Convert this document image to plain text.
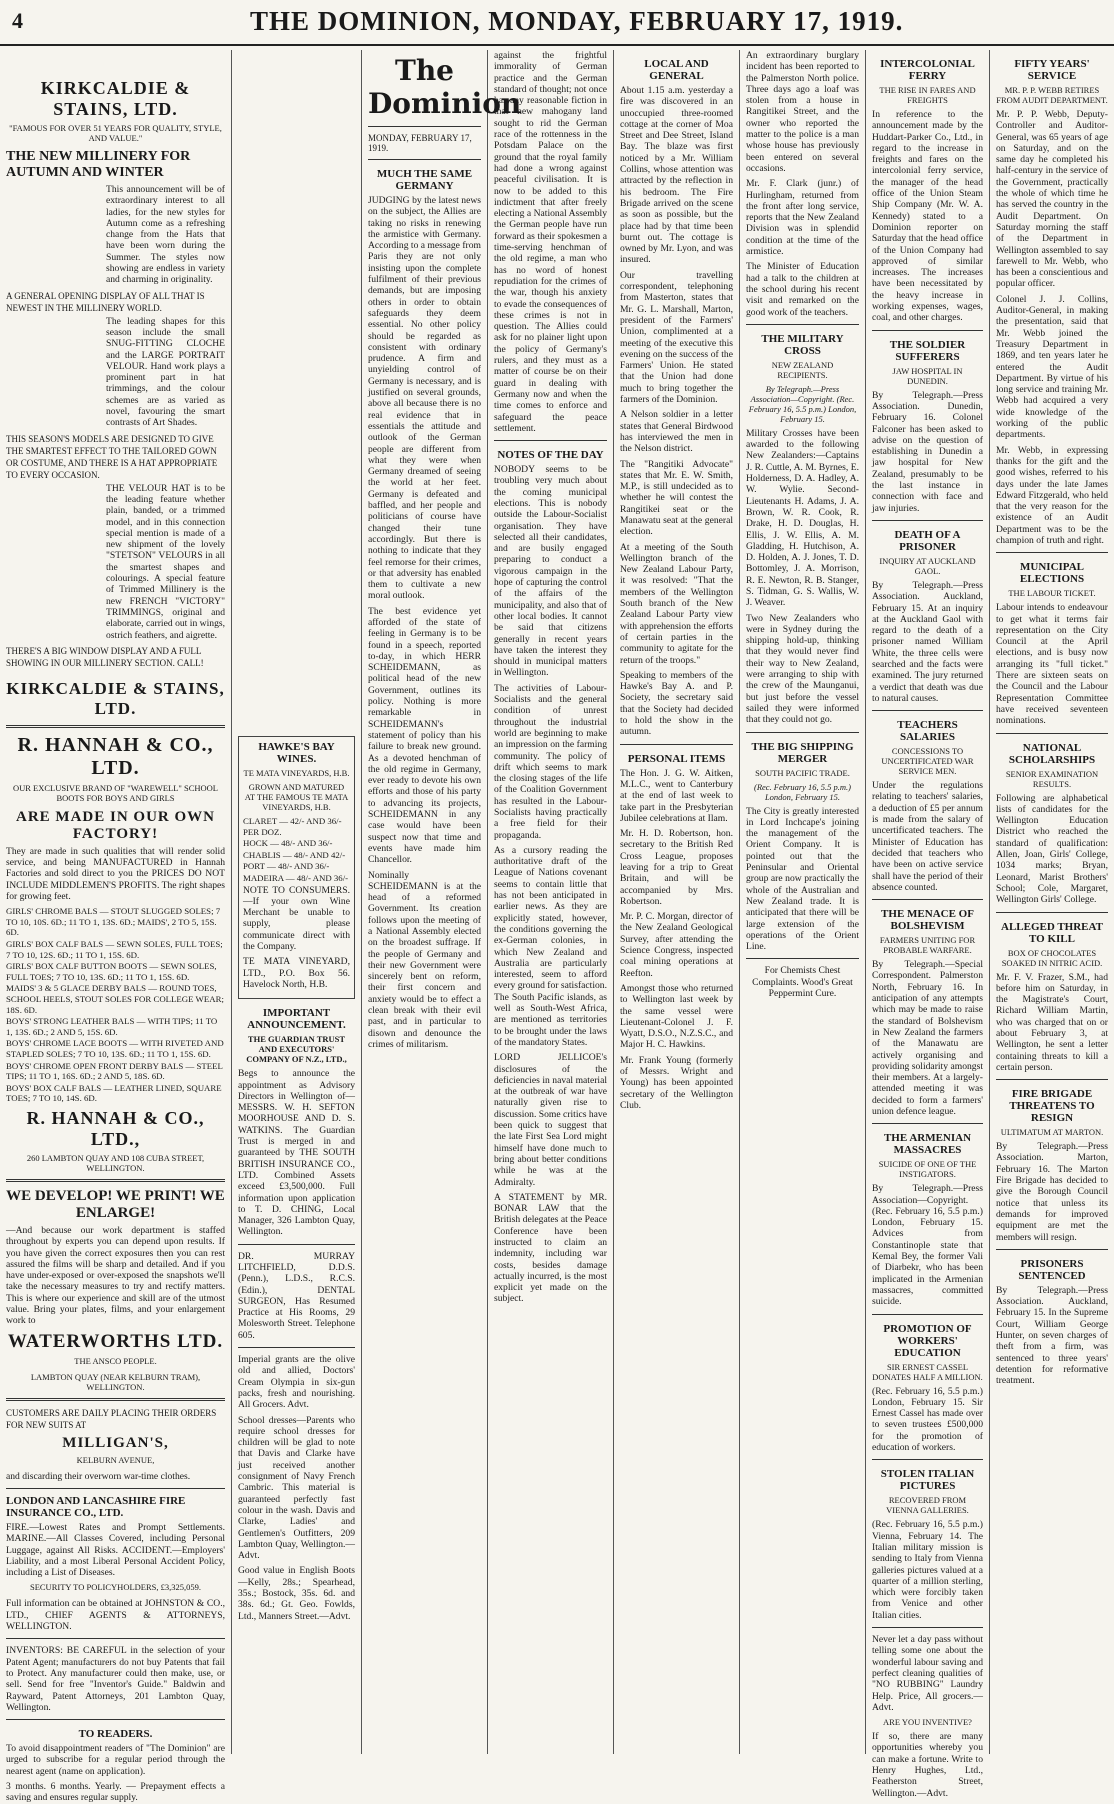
4	THE DOMINION, MONDAY, FEBRUARY 17, 1919.
KIRKCALDIE & STAINS, LTD.
"FAMOUS FOR OVER 51 YEARS FOR QUALITY, STYLE, AND VALUE."
THE NEW MILLINERY FOR AUTUMN AND WINTER

This announcement will be of extraordinary interest to all ladies, for the new styles for Autumn come as a refreshing change from the Hats that have been worn during the Summer. The styles now showing are endless in variety and charming in originality.

A GENERAL OPENING DISPLAY OF ALL THAT IS NEWEST IN THE MILLINERY WORLD.

The leading shapes for this season include the small SNUG-FITTING CLOCHE and the LARGE PORTRAIT VELOUR. Hand work plays a prominent part in hat trimmings, and the colour schemes are as varied as novel, favouring the smart contrasts of Art Shades.

THIS SEASON'S MODELS ARE DESIGNED TO GIVE THE SMARTEST EFFECT TO THE TAILORED GOWN OR COSTUME, AND THERE IS A HAT APPROPRIATE TO EVERY OCCASION.

THE VELOUR HAT is to be the leading feature whether plain, banded, or a trimmed model, and in this connection special mention is made of a new shipment of the lovely "STETSON" VELOURS in all the smartest shapes and colourings. A special feature of Trimmed Millinery is the new FRENCH "VICTORY" TRIMMINGS, original and elaborate, carried out in wings, ostrich feathers, and aigrette.

THERE'S A BIG WINDOW DISPLAY AND A FULL SHOWING IN OUR MILLINERY SECTION. CALL!
KIRKCALDIE & STAINS, LTD.
R. HANNAH & CO., LTD.
OUR EXCLUSIVE BRAND OF "WAREWELL" SCHOOL BOOTS FOR BOYS AND GIRLS
ARE MADE IN OUR OWN FACTORY!

They are made in such qualities that will render solid service, and being MANUFACTURED in Hannah Factories and sold direct to you the PRICES DO NOT INCLUDE MIDDLEMEN'S PROFITS. The right shapes for growing feet.

GIRLS' CHROME BALS — STOUT SLUGGED SOLES; 7 TO 10, 10S. 6D.; 11 TO 1, 13S. 6D.; MAIDS', 2 TO 5, 15S. 6D.
GIRLS' BOX CALF BALS — SEWN SOLES, FULL TOES; 7 TO 10, 12S. 6D.; 11 TO 1, 15S. 6D.
GIRLS' BOX CALF BUTTON BOOTS — SEWN SOLES, FULL TOES; 7 TO 10, 13S. 6D.; 11 TO 1, 15S. 6D.
MAIDS' 3 & 5 GLACE DERBY BALS — ROUND TOES, SCHOOL HEELS, STOUT SOLES FOR COLLEGE WEAR; 18S. 6D.
BOYS' STRONG LEATHER BALS — WITH TIPS; 11 TO 1, 13S. 6D.; 2 AND 5, 15S. 6D.
BOYS' CHROME LACE BOOTS — WITH RIVETED AND STAPLED SOLES; 7 TO 10, 13S. 6D.; 11 TO 1, 15S. 6D.
BOYS' CHROME OPEN FRONT DERBY BALS — STEEL TIPS; 11 TO 1, 16S. 6D.; 2 AND 5, 18S. 6D.
BOYS' BOX CALF BALS — LEATHER LINED, SQUARE TOES; 7 TO 10, 14S. 6D.
R. HANNAH & CO., LTD.,
260 LAMBTON QUAY AND 108 CUBA STREET, WELLINGTON.
WE DEVELOP! WE PRINT! WE ENLARGE!

—And because our work department is staffed throughout by experts you can depend upon results. If you have given the correct exposures then you can rest assured the films will be sharp and detailed. And if you have under-exposed or over-exposed the snapshots we'll take the necessary measures to try and rectify matters. This is where our experience and skill are of the utmost value. Bring your plates, films, and your enlargement work to

WATERWORTHS LTD.
THE ANSCO PEOPLE.
LAMBTON QUAY (NEAR KELBURN TRAM), WELLINGTON.
CUSTOMERS ARE DAILY PLACING THEIR ORDERS FOR NEW SUITS AT
MILLIGAN'S,
KELBURN AVENUE,

and discarding their overworn war-time clothes.

LONDON AND LANCASHIRE FIRE INSURANCE CO., LTD.

FIRE.—Lowest Rates and Prompt Settlements. MARINE.—All Classes Covered, including Personal Luggage, against All Risks. ACCIDENT.—Employers' Liability, and a most Liberal Personal Accident Policy, including a List of Diseases.

SECURITY TO POLICYHOLDERS, £3,325,059.

Full information can be obtained at JOHNSTON & CO., LTD., CHIEF AGENTS & ATTORNEYS, WELLINGTON.

INVENTORS: BE CAREFUL in the selection of your Patent Agent; manufacturers do not buy Patents that fail to Protect. Any manufacturer could then make, use, or sell. Send for free "Inventor's Guide." Baldwin and Rayward, Patent Attorneys, 201 Lambton Quay, Wellington.

TO READERS.

To avoid disappointment readers of "The Dominion" are urged to subscribe for a regular period through the nearest agent (name on application).

3 months. 6 months. Yearly. — Prepayment effects a saving and ensures regular supply.

HAWKE'S BAY WINES.
TE MATA VINEYARDS, H.B.
GROWN AND MATURED AT THE FAMOUS TE MATA VINEYARDS, H.B.
CLARET — 42/- AND 36/- PER DOZ.
HOCK — 48/- AND 36/-
CHABLIS — 48/- AND 42/-
PORT — 48/- AND 36/-
MADEIRA — 48/- AND 36/-

NOTE TO CONSUMERS.—If your own Wine Merchant be unable to supply, please communicate direct with the Company.

TE MATA VINEYARD, LTD., P.O. Box 56. Havelock North, H.B.

IMPORTANT ANNOUNCEMENT.
THE GUARDIAN TRUST AND EXECUTORS' COMPANY OF N.Z., LTD.,

Begs to announce the appointment as Advisory Directors in Wellington of— MESSRS. W. H. SEFTON MOORHOUSE AND D. S. WATKINS. The Guardian Trust is merged in and guaranteed by THE SOUTH BRITISH INSURANCE CO., LTD. Combined Assets exceed £3,500,000. Full information upon application to T. D. CHING, Local Manager, 326 Lambton Quay, Wellington.

DR. MURRAY LITCHFIELD, D.D.S. (Penn.), L.D.S., R.C.S. (Edin.), DENTAL SURGEON, Has Resumed Practice at His Rooms, 29 Molesworth Street. Telephone 605.

Imperial grants are the olive old and allied, Doctors' Cream Olympia in six-gun packs, fresh and nourishing. All Grocers. Advt.

School dresses—Parents who require school dresses for children will be glad to note that Davis and Clarke have just received another consignment of Navy French Cambric. This material is guaranteed perfectly fast colour in the wash. Davis and Clarke, Ladies' and Gentlemen's Outfitters, 209 Lambton Quay, Wellington.—Advt.

Good value in English Boots—Kelly, 28s.; Spearhead, 35s.; Bostock, 35s. 6d. and 38s. 6d.; Gt. Geo. Fowlds, Ltd., Manners Street.—Advt.

The Dominion
MONDAY, FEBRUARY 17, 1919.
MUCH THE SAME GERMANY

JUDGING by the latest news on the subject, the Allies are taking no risks in renewing the armistice with Germany. According to a message from Paris they are not only insisting upon the complete fulfilment of their previous demands, but are imposing others in order to obtain safeguards they deem essential. No other policy should be regarded as consistent with ordinary prudence. A firm and unyielding control of Germany is necessary, and is justified on several grounds, above all because there is no real evidence that in essentials the attitude and outlook of the German people are different from what they were when Germany dreamed of seeing the world at her feet. Germany is defeated and baffled, and her people and politicians of course have changed their tune accordingly. But there is nothing to indicate that they feel remorse for their crimes, or that adversity has enabled them to cultivate a new moral outlook.

The best evidence yet afforded of the state of feeling in Germany is to be found in a speech, reported to-day, in which HERR SCHEIDEMANN, as political head of the new Government, outlines its policy. Nothing is more remarkable in SCHEIDEMANN's statement of policy than his failure to break new ground. As a devoted henchman of the old regime in Germany, ever ready to devote his own efforts and those of his party to advancing its projects, SCHEIDEMANN in any case would have been suspect now that time and events have made him Chancellor.

Nominally SCHEIDEMANN is at the head of a reformed Government. Its creation follows upon the meeting of a National Assembly elected on the broadest suffrage. If the people of Germany and their new Government were sincerely bent on reform, their first concern and anxiety would be to effect a clean break with their evil past, and in particular to disown and denounce the crimes of militarism.

against the frightful immorality of German practice and the German standard of thought; not once has any reasonable fiction in that new mahogany land sought to rid the German race of the rottenness in the Potsdam Palace on the ground that the royal family had done a wrong against peaceful civilisation. It is now to be added to this indictment that after freely electing a National Assembly the German people have run forward as their spokesmen a time-serving henchman of the old regime, a man who has no word of honest repudiation for the crimes of the war, though his anxiety to evade the consequences of these crimes is not in question. The Allies could ask for no plainer light upon the policy of Germany's rulers, and they must as a matter of course be on their guard in dealing with Germany now and when the time comes to enforce and safeguard the peace settlement.

NOTES OF THE DAY

NOBODY seems to be troubling very much about the coming municipal elections. This is nobody outside the Labour-Socialist organisation. They have selected all their candidates, and are busily engaged preparing to conduct a vigorous campaign in the hope of capturing the control of the affairs of the municipality, and also that of other local bodies. It cannot be said that citizens generally in recent years have taken the interest they should in municipal matters in Wellington.

The activities of Labour-Socialists and the general condition of unrest throughout the industrial world are beginning to make an impression on the farming community. The policy of drift which seems to mark the closing stages of the life of the Coalition Government has resulted in the Labour-Socialists having practically a free field for their propaganda.

As a cursory reading the authoritative draft of the League of Nations covenant seems to contain little that has not been anticipated in earlier news. As they are explicitly stated, however, the conditions governing the ex-German colonies, in which New Zealand and Australia are particularly interested, seem to afford every ground for satisfaction. The South Pacific islands, as well as South-West Africa, are mentioned as territories to be brought under the laws of the mandatory States.

LORD JELLICOE's disclosures of the deficiencies in naval material at the outbreak of war have naturally given rise to discussion. Some critics have been quick to suggest that the late First Sea Lord might himself have done much to bring about better conditions while he was at the Admiralty.

A STATEMENT by MR. BONAR LAW that the British delegates at the Peace Conference have been instructed to claim an indemnity, including war costs, besides damage actually incurred, is the most explicit yet made on the subject.

LOCAL AND GENERAL

About 1.15 a.m. yesterday a fire was discovered in an unoccupied three-roomed cottage at the corner of Moa Street and Dee Street, Island Bay. The blaze was first noticed by a Mr. William Collins, whose attention was attracted by the reflection in his bedroom. The Fire Brigade arrived on the scene as soon as possible, but the place had by that time been burnt out. The cottage is owned by Mr. Lyon, and was insured.

Our travelling correspondent, telephoning from Masterton, states that Mr. G. L. Marshall, Marton, president of the Farmers' Union, complimented at a meeting of the executive this evening on the success of the Farmers' Union. He stated that the Union had done much to bring together the farmers of the Dominion.

A Nelson soldier in a letter states that General Birdwood has interviewed the men in the Nelson district.

The "Rangitiki Advocate" states that Mr. E. W. Smith, M.P., is still undecided as to whether he will contest the Rangitikei seat or the Manawatu seat at the general election.

At a meeting of the South Wellington branch of the New Zealand Labour Party, it was resolved: "That the members of the Wellington South branch of the New Zealand Labour Party view with apprehension the efforts of certain parties in the community to agitate for the return of the troops."

Speaking to members of the Hawke's Bay A. and P. Society, the secretary said that the Society had decided to hold the show in the autumn.

PERSONAL ITEMS

The Hon. J. G. W. Aitken, M.L.C., went to Canterbury at the end of last week to take part in the Presbyterian Jubilee celebrations at Ilam.

Mr. H. D. Robertson, hon. secretary to the British Red Cross League, proposes leaving for a trip to Great Britain, and will be accompanied by Mrs. Robertson.

Mr. P. C. Morgan, director of the New Zealand Geological Survey, after attending the Science Congress, inspected coal mining operations at Reefton.

Amongst those who returned to Wellington last week by the same vessel were Lieutenant-Colonel J. F. Wyatt, D.S.O., N.Z.S.C., and Major H. C. Hawkins.

Mr. Frank Young (formerly of Messrs. Wright and Young) has been appointed secretary of the Wellington Club.

An extraordinary burglary incident has been reported to the Palmerston North police. Three days ago a loaf was stolen from a house in Rangitikei Street, and the owner who reported the matter to the police is a man whose house has previously been entered on several occasions.

Mr. F. Clark (junr.) of Hurlingham, returned from the front after long service, reports that the New Zealand Division was in splendid condition at the time of the armistice.

The Minister of Education had a talk to the children at the school during his recent visit and remarked on the good work of the teachers.

THE MILITARY CROSS
NEW ZEALAND RECIPIENTS.
By Telegraph.—Press Association—Copyright. (Rec. February 16, 5.5 p.m.) London, February 15.

Military Crosses have been awarded to the following New Zealanders:—Captains J. R. Cuttle, A. M. Byrnes, E. Holderness, D. A. Hadley, A. W. Wylie. Second-Lieutenants H. Adams, J. A. Brown, W. R. Cook, R. Drake, H. D. Douglas, H. Ellis, J. W. Ellis, A. M. Gladding, H. Hutchison, A. D. Holden, A. J. Jones, T. D. Bottomley, J. A. Morrison, R. E. Newton, R. B. Stanger, S. Tidman, G. S. Wallis, W. J. Weaver.

Two New Zealanders who were in Sydney during the shipping hold-up, thinking that they would never find their way to New Zealand, were arranging to ship with the crew of the Maunganui, but just before the vessel sailed they were informed that they could not go.

THE BIG SHIPPING MERGER
SOUTH PACIFIC TRADE.
(Rec. February 16, 5.5 p.m.) London, February 15.

The City is greatly interested in Lord Inchcape's joining the management of the Orient Company. It is pointed out that the Peninsular and Oriental group are now practically the whole of the Australian and New Zealand trade. It is anticipated that there will be large extension of the operations of the Orient Line.

For Chemists Chest Complaints. Wood's Great Peppermint Cure.

INTERCOLONIAL FERRY
THE RISE IN FARES AND FREIGHTS

In reference to the announcement made by the Huddart-Parker Co., Ltd., in regard to the increase in freights and fares on the intercolonial ferry service, the manager of the head office of the Union Steam Ship Company (Mr. W. A. Kennedy) stated to a Dominion reporter on Saturday that the head office of the Union Company had approved of similar increases. The increases have been necessitated by the heavy increase in working expenses, wages, coal, and other charges.

THE SOLDIER SUFFERERS
JAW HOSPITAL IN DUNEDIN.

By Telegraph.—Press Association. Dunedin, February 16. Colonel Falconer has been asked to advise on the question of establishing in Dunedin a jaw hospital for New Zealand, presumably to be the last instance in connection with face and jaw injuries.

DEATH OF A PRISONER
INQUIRY AT AUCKLAND GAOL.

By Telegraph.—Press Association. Auckland, February 15. At an inquiry at the Auckland Gaol with regard to the death of a prisoner named William White, the three cells were searched and the facts were examined. The jury returned a verdict that death was due to natural causes.

TEACHERS SALARIES
CONCESSIONS TO UNCERTIFICATED WAR SERVICE MEN.

Under the regulations relating to teachers' salaries, a deduction of £5 per annum is made from the salary of uncertificated teachers. The Minister of Education has decided that teachers who have been on active service shall have the period of their absence counted.

THE MENACE OF BOLSHEVISM
FARMERS UNITING FOR PROBABLE WARFARE.

By Telegraph.—Special Correspondent. Palmerston North, February 16. In anticipation of any attempts which may be made to raise the standard of Bolshevism in New Zealand the farmers of the Manawatu are actively organising and providing solidarity amongst their members. At a largely-attended meeting it was decided to form a farmers' union defence league.

THE ARMENIAN MASSACRES
SUICIDE OF ONE OF THE INSTIGATORS.

By Telegraph.—Press Association—Copyright. (Rec. February 16, 5.5 p.m.) London, February 15. Advices from Constantinople state that Kemal Bey, the former Vali of Diarbekr, who has been implicated in the Armenian massacres, committed suicide.

PROMOTION OF WORKERS' EDUCATION
SIR ERNEST CASSEL DONATES HALF A MILLION.

(Rec. February 16, 5.5 p.m.) London, February 15. Sir Ernest Cassel has made over to seven trustees £500,000 for the promotion of education of workers.

STOLEN ITALIAN PICTURES
RECOVERED FROM VIENNA GALLERIES.

(Rec. February 16, 5.5 p.m.) Vienna, February 14. The Italian military mission is sending to Italy from Vienna galleries pictures valued at a quarter of a million sterling, which were forcibly taken from Venice and other Italian cities.

Never let a day pass without telling some one about the wonderful labour saving and perfect cleaning qualities of "NO RUBBING" Laundry Help. Price, All grocers.—Advt.

ARE YOU INVENTIVE?

If so, there are many opportunities whereby you can make a fortune. Write to Henry Hughes, Ltd., Featherston Street, Wellington.—Advt.

FIFTY YEARS' SERVICE
MR. P. P. WEBB RETIRES FROM AUDIT DEPARTMENT.

Mr. P. P. Webb, Deputy-Controller and Auditor-General, was 65 years of age on Saturday, and on the same day he completed his half-century in the service of the Government, practically the whole of which time he has served the country in the Audit Department. On Saturday morning the staff of the Department in Wellington assembled to say farewell to Mr. Webb, who has been a conscientious and popular officer.

Colonel J. J. Collins, Auditor-General, in making the presentation, said that Mr. Webb joined the Treasury Department in 1869, and ten years later he entered the Audit Department. By virtue of his long service and training Mr. Webb had acquired a very wide knowledge of the working of the public departments.

Mr. Webb, in expressing thanks for the gift and the good wishes, referred to his days under the late James Edward Fitzgerald, who held that the very reason for the existence of an Audit Department was to be the champion of truth and right.

MUNICIPAL ELECTIONS
THE LABOUR TICKET.

Labour intends to endeavour to get what it terms fair representation on the City Council at the April elections, and is busy now arranging its "full ticket." There are sixteen seats on the Council and the Labour Representation Committee have received seventeen nominations.

NATIONAL SCHOLARSHIPS
SENIOR EXAMINATION RESULTS.

Following are alphabetical lists of candidates for the Wellington Education District who reached the standard of qualification: Allen, Joan, Girls' College, 1034 marks; Bryan, Leonard, Marist Brothers' School; Cole, Margaret, Wellington Girls' College.

ALLEGED THREAT TO KILL
BOX OF CHOCOLATES SOAKED IN NITRIC ACID.

Mr. F. V. Frazer, S.M., had before him on Saturday, in the Magistrate's Court, Richard William Martin, who was charged that on or about February 3, at Wellington, he sent a letter containing threats to kill a certain person.

FIRE BRIGADE THREATENS TO RESIGN
ULTIMATUM AT MARTON.

By Telegraph.—Press Association. Marton, February 16. The Marton Fire Brigade has decided to give the Borough Council notice that unless its demands for improved equipment are met the members will resign.

PRISONERS SENTENCED

By Telegraph.—Press Association. Auckland, February 15. In the Supreme Court, William George Hunter, on seven charges of theft from a firm, was sentenced to three years' detention for reformative treatment.
